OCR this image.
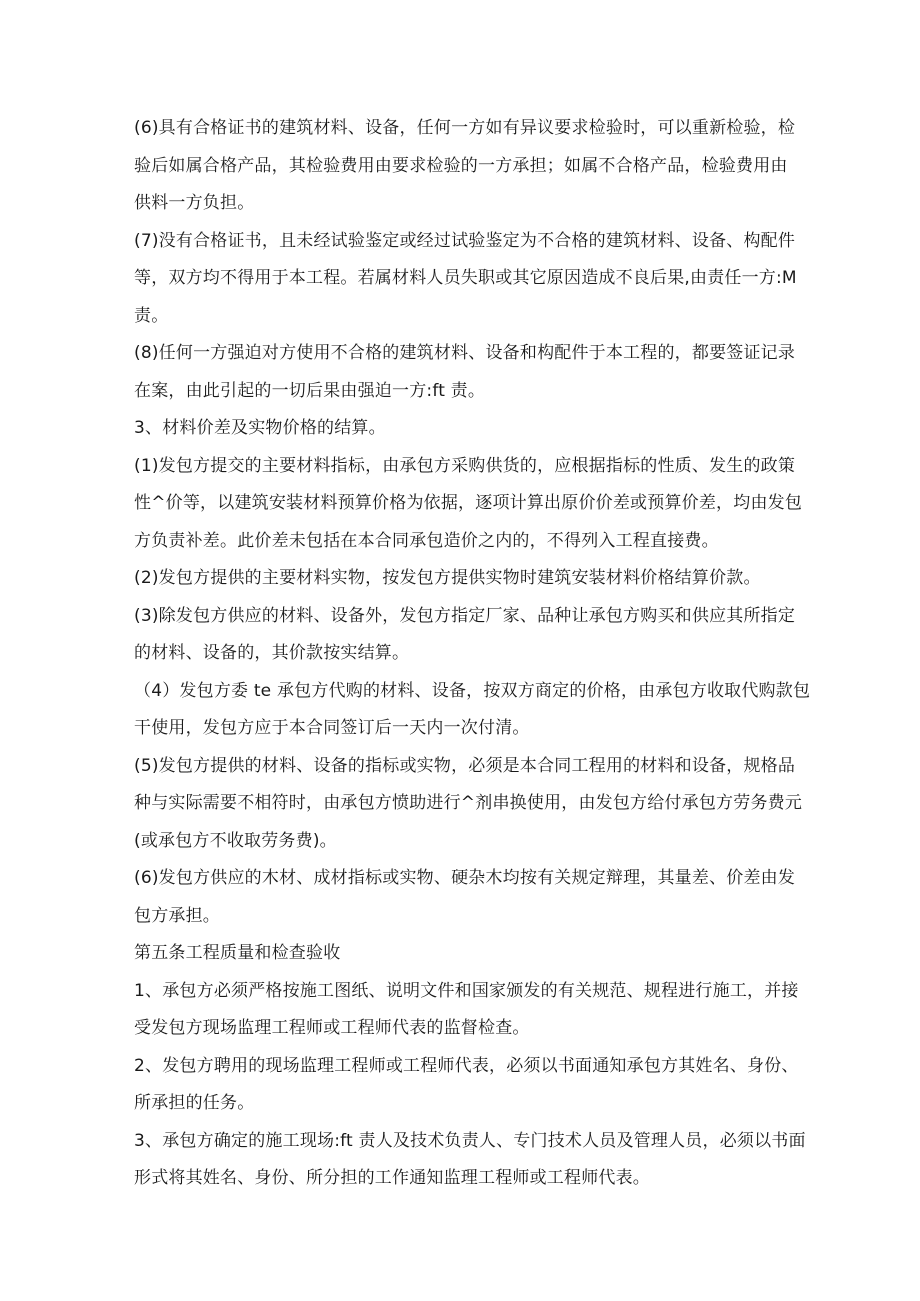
(6)具有合格证书的建筑材料、设备，任何一方如有异议要求检验时，可以重新检验，检
验后如属合格产品，其检验费用由要求检验的一方承担；如属不合格产品，检验费用由
供料一方负担。

(7)没有合格证书，且未经试验鉴定或经过试验鉴定为不合格的建筑材料、设备、构配件
等，双方均不得用于本工程。若属材料人员失职或其它原因造成不良后果,由责任一方:M
责。

(8)任何一方强迫对方使用不合格的建筑材料、设备和构配件于本工程的，都要签证记录
在案，由此引起的一切后果由强迫一方:ft 责。

3、材料价差及实物价格的结算。

(1)发包方提交的主要材料指标，由承包方采购供货的，应根据指标的性质、发生的政策
性^价等，以建筑安装材料预算价格为依据，逐项计算出原价价差或预算价差，均由发包
方负责补差。此价差未包括在本合同承包造价之内的，不得列入工程直接费。

(2)发包方提供的主要材料实物，按发包方提供实物时建筑安装材料价格结算价款。

(3)除发包方供应的材料、设备外，发包方指定厂家、品种让承包方购买和供应其所指定
的材料、设备的，其价款按实结算。

（4）发包方委 te 承包方代购的材料、设备，按双方商定的价格，由承包方收取代购款包
干使用，发包方应于本合同签订后一天内一次付清。

(5)发包方提供的材料、设备的指标或实物，必须是本合同工程用的材料和设备，规格品
种与实际需要不相符时，由承包方愤助进行^剂串换使用，由发包方给付承包方劳务费元
(或承包方不收取劳务费)。

(6)发包方供应的木材、成材指标或实物、硬杂木均按有关规定辩理，其量差、价差由发
包方承担。

第五条工程质量和检查验收

1、承包方必须严格按施工图纸、说明文件和国家颁发的有关规范、规程进行施工，并接
受发包方现场监理工程师或工程师代表的监督检查。

2、发包方聘用的现场监理工程师或工程师代表，必须以书面通知承包方其姓名、身份、
所承担的任务。

3、承包方确定的施工现场:ft 责人及技术负责人、专门技术人员及管理人员，必须以书面
形式将其姓名、身份、所分担的工作通知监理工程师或工程师代表。
